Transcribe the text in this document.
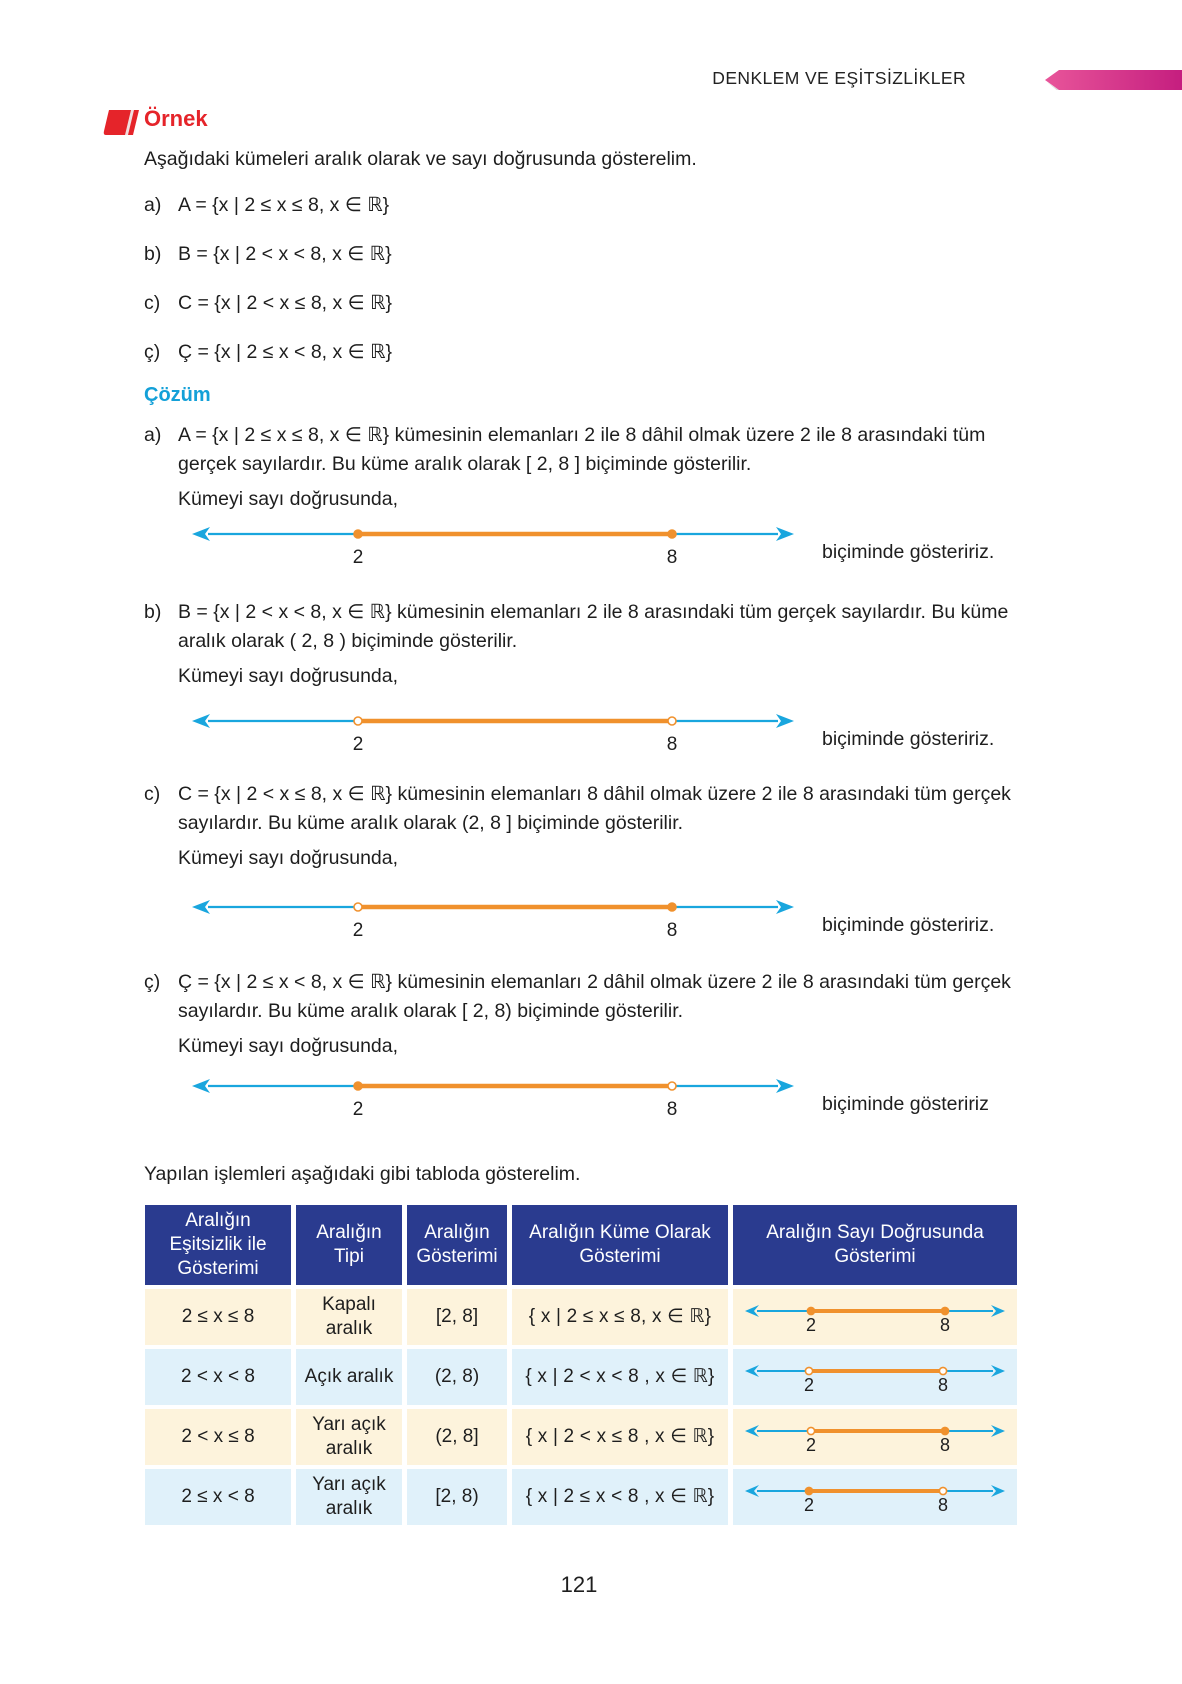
DENKLEM VE EŞİTSİZLİKLER
Örnek
Aşağıdaki kümeleri aralık olarak ve sayı doğrusunda gösterelim.
a) A = {x | 2 ≤ x ≤ 8, x ∈ ℝ}
b) B = {x | 2 < x < 8, x ∈ ℝ}
c) C = {x | 2 < x ≤ 8, x ∈ ℝ}
ç) Ç = {x | 2 ≤ x < 8, x ∈ ℝ}
Çözüm
a) A = {x | 2 ≤ x ≤ 8, x ∈ ℝ} kümesinin elemanları 2 ile 8 dâhil olmak üzere 2 ile 8 arasındaki tüm
gerçek sayılardır. Bu küme aralık olarak [ 2, 8 ] biçiminde gösterilir.
Kümeyi sayı doğrusunda,
2	8	biçiminde gösteririz.
b) B = {x | 2 < x < 8, x ∈ ℝ} kümesinin elemanları 2 ile 8 arasındaki tüm gerçek sayılardır. Bu küme
aralık olarak ( 2, 8 ) biçiminde gösterilir.
Kümeyi sayı doğrusunda,
2	8	biçiminde gösteririz.
c) C = {x | 2 < x ≤ 8, x ∈ ℝ} kümesinin elemanları 8 dâhil olmak üzere 2 ile 8 arasındaki tüm gerçek
sayılardır. Bu küme aralık olarak (2, 8 ] biçiminde gösterilir.
Kümeyi sayı doğrusunda,
2	8	biçiminde gösteririz.
ç) Ç = {x | 2 ≤ x < 8, x ∈ ℝ} kümesinin elemanları 2 dâhil olmak üzere 2 ile 8 arasındaki tüm gerçek
sayılardır. Bu küme aralık olarak [ 2, 8) biçiminde gösterilir.
Kümeyi sayı doğrusunda,
2	8	biçiminde gösteririz
Yapılan işlemleri aşağıdaki gibi tabloda gösterelim.
Aralığın Eşitsizlik ile Gösterimi	Aralığın Tipi	Aralığın Gösterimi	Aralığın Küme Olarak Gösterimi	Aralığın Sayı Doğrusunda Gösterimi
2 ≤ x ≤ 8	Kapalı aralık	[2, 8]	{ x | 2 ≤ x ≤ 8, x ∈ ℝ}	2 8

2 < x < 8	Açık aralık	(2, 8)	{ x | 2 < x < 8 , x ∈ ℝ}	2 8

2 < x ≤ 8	Yarı açık aralık	(2, 8]	{ x | 2 < x ≤ 8 , x ∈ ℝ}	2 8

2 ≤ x < 8	Yarı açık aralık	[2, 8)	{ x | 2 ≤ x < 8 , x ∈ ℝ}	2 8
121
